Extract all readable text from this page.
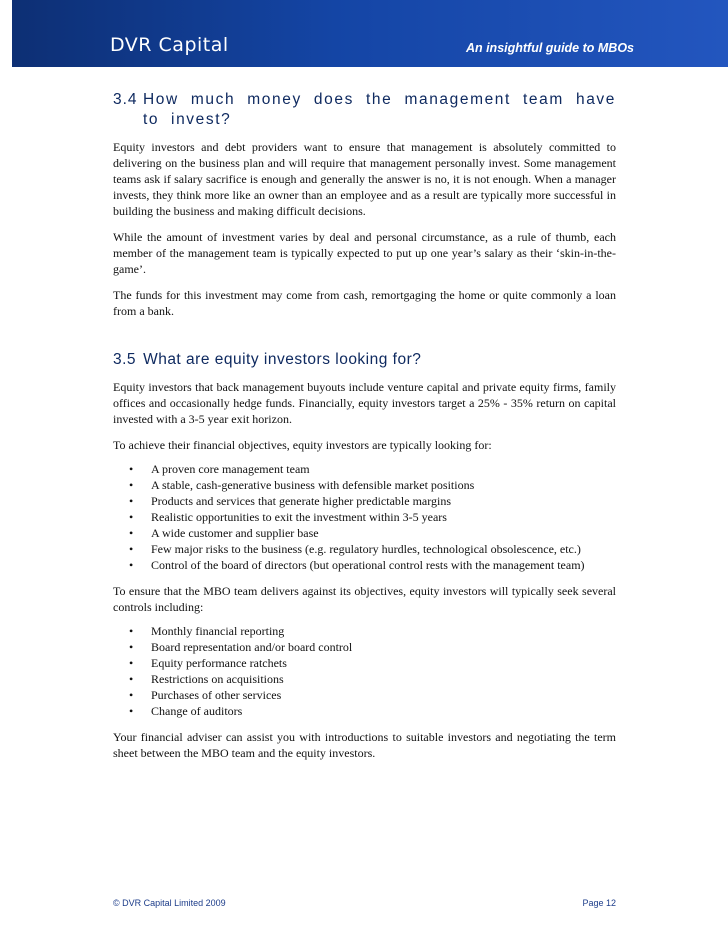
DVR Capital	An insightful guide to MBOs
3.4 How much money does the management team have to invest?

Equity investors and debt providers want to ensure that management is absolutely committed to delivering on the business plan and will require that management personally invest. Some management teams ask if salary sacrifice is enough and generally the answer is no, it is not enough. When a manager invests, they think more like an owner than an employee and as a result are typically more successful in building the business and making difficult decisions.

While the amount of investment varies by deal and personal circumstance, as a rule of thumb, each member of the management team is typically expected to put up one year’s salary as their ‘skin-in-the-game’.

The funds for this investment may come from cash, remortgaging the home or quite commonly a loan from a bank.

3.5 What are equity investors looking for?

Equity investors that back management buyouts include venture capital and private equity firms, family offices and occasionally hedge funds. Financially, equity investors target a 25% - 35% return on capital invested with a 3-5 year exit horizon.

To achieve their financial objectives, equity investors are typically looking for:

•	A proven core management team
•	A stable, cash-generative business with defensible market positions
•	Products and services that generate higher predictable margins
•	Realistic opportunities to exit the investment within 3-5 years
•	A wide customer and supplier base
•	Few major risks to the business (e.g. regulatory hurdles, technological obsolescence, etc.)
•	Control of the board of directors (but operational control rests with the management team)

To ensure that the MBO team delivers against its objectives, equity investors will typically seek several controls including:

•	Monthly financial reporting
•	Board representation and/or board control
•	Equity performance ratchets
•	Restrictions on acquisitions
•	Purchases of other services
•	Change of auditors

Your financial adviser can assist you with introductions to suitable investors and negotiating the term sheet between the MBO team and the equity investors.

© DVR Capital Limited 2009	Page 12
